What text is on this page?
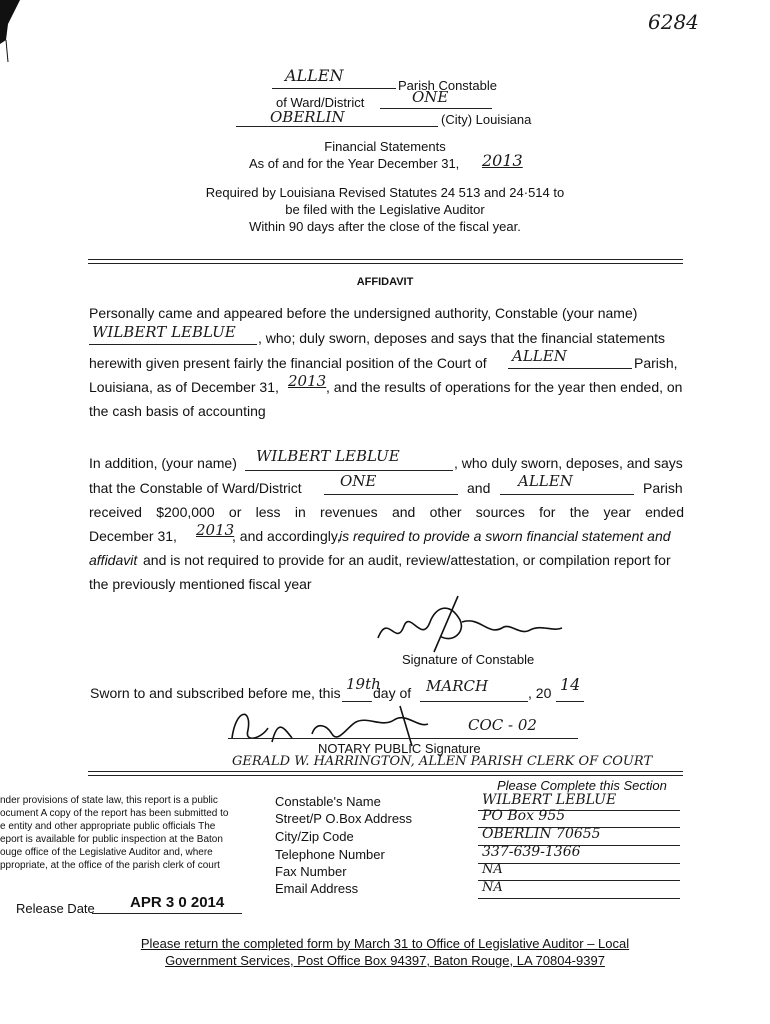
6284
ALLEN
Parish Constable
of Ward/District	ONE
OBERLIN	(City) Louisiana
Financial Statements
As of and for the Year December 31, 2013
Required by Louisiana Revised Statutes 24 513 and 24·514 to
be filed with the Legislative Auditor
Within 90 days after the close of the fiscal year.
AFFIDAVIT
Personally came and appeared before the undersigned authority, Constable (your name)
WILBERT LEBLUE , who; duly sworn, deposes and says that the financial statements
herewith given present fairly the financial position of the Court of ALLEN	Parish,
Louisiana, as of December 31, 2013 , and the results of operations for the year then ended, on
the cash basis of accounting
In addition, (your name) WILBERT LEBLUE	, who duly sworn, deposes, and says
that the Constable of Ward/District	ONE	and ALLEN	Parish
received $200,000 or less in revenues and other sources for the year ended
December 31, 2013
, and accordingly,
is required to provide a sworn financial statement and
affidavit and is not required to provide for an audit, review/attestation, or compilation report for
the previously mentioned fiscal year
Signature of Constable
Sworn to and subscribed before me, this 19th
day of MARCH	, 20 14
COC - 02
NOTARY PUBLIC Signature
GERALD W. HARRINGTON, ALLEN PARISH CLERK OF COURT
nder provisions of state law, this report is a public
ocument A copy of the report has been submitted to
e entity and other appropriate public officials The
eport is available for public inspection at the Baton
ouge office of the Legislative Auditor and, where
ppropriate, at the office of the parish clerk of court
Release Date APR 3 0 2014
Please Complete this Section
Constable's Name	WILBERT LEBLUE
Street/P O.Box Address	PO Box 955
City/Zip Code	OBERLIN 70655
Telephone Number	337-639-1366
Fax Number	NA
Email Address	NA
Please return the completed form by March 31 to Office of Legislative Auditor – Local
Government Services, Post Office Box 94397, Baton Rouge, LA 70804-9397
